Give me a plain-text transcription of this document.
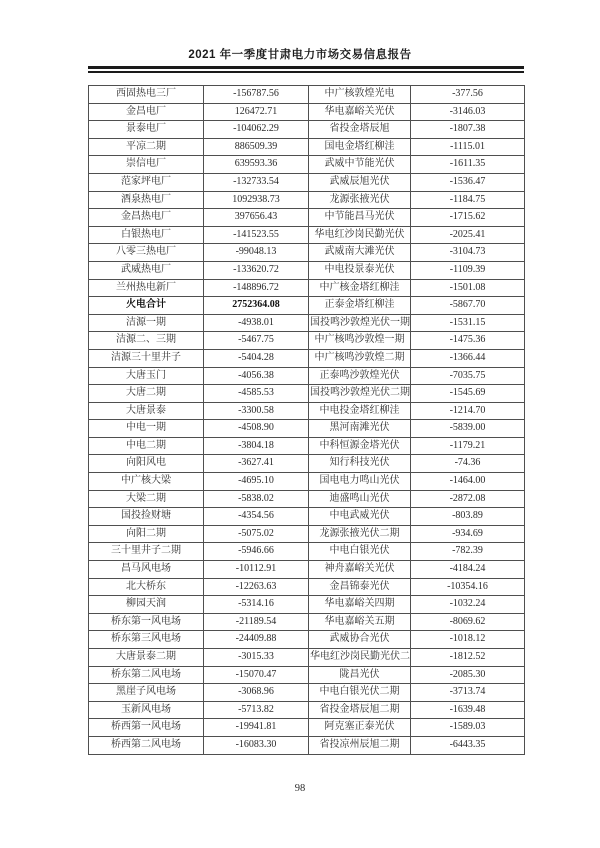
2021 年一季度甘肃电力市场交易信息报告
西固热电三厂	-156787.56	中广核敦煌光电	-377.56
金昌电厂	126472.71	华电嘉峪关光伏	-3146.03
景泰电厂	-104062.29	省投金塔辰旭	-1807.38
平凉二期	886509.39	国电金塔红柳洼	-1115.01
崇信电厂	639593.36	武威中节能光伏	-1611.35
范家坪电厂	-132733.54	武威辰旭光伏	-1536.47
酒泉热电厂	1092938.73	龙源张掖光伏	-1184.75
金昌热电厂	397656.43	中节能昌马光伏	-1715.62
白银热电厂	-141523.55	华电红沙岗民勤光伏	-2025.41
八零三热电厂	-99048.13	武威南大滩光伏	-3104.73
武威热电厂	-133620.72	中电投景泰光伏	-1109.39
兰州热电新厂	-148896.72	中广核金塔红柳洼	-1501.08
火电合计	2752364.08	正泰金塔红柳洼	-5867.70
洁源一期	-4938.01	国投鸣沙敦煌光伏一期	-1531.15
洁源二、三期	-5467.75	中广核鸣沙敦煌一期	-1475.36
洁源三十里井子	-5404.28	中广核鸣沙敦煌二期	-1366.44
大唐玉门	-4056.38	正泰鸣沙敦煌光伏	-7035.75
大唐二期	-4585.53	国投鸣沙敦煌光伏二期	-1545.69
大唐景泰	-3300.58	中电投金塔红柳洼	-1214.70
中电一期	-4508.90	黑河南滩光伏	-5839.00
中电二期	-3804.18	中科恒源金塔光伏	-1179.21
向阳风电	-3627.41	知行科技光伏	-74.36
中广核大梁	-4695.10	国电电力鸣山光伏	-1464.00
大梁二期	-5838.02	迪盛鸣山光伏	-2872.08
国投捡财塘	-4354.56	中电武威光伏	-803.89
向阳二期	-5075.02	龙源张掖光伏二期	-934.69
三十里井子二期	-5946.66	中电白银光伏	-782.39
昌马风电场	-10112.91	神舟嘉峪关光伏	-4184.24
北大桥东	-12263.63	金昌锦泰光伏	-10354.16
柳园天润	-5314.16	华电嘉峪关四期	-1032.24
桥东第一风电场	-21189.54	华电嘉峪关五期	-8069.62
桥东第三风电场	-24409.88	武威协合光伏	-1018.12
大唐景泰二期	-3015.33	华电红沙岗民勤光伏二	-1812.52
桥东第二风电场	-15070.47	陇昌光伏	-2085.30
黑崖子风电场	-3068.96	中电白银光伏二期	-3713.74
玉新风电场	-5713.82	省投金塔辰旭二期	-1639.48
桥西第一风电场	-19941.81	阿克塞正泰光伏	-1589.03
桥西第二风电场	-16083.30	省投凉州辰旭二期	-6443.35
98
